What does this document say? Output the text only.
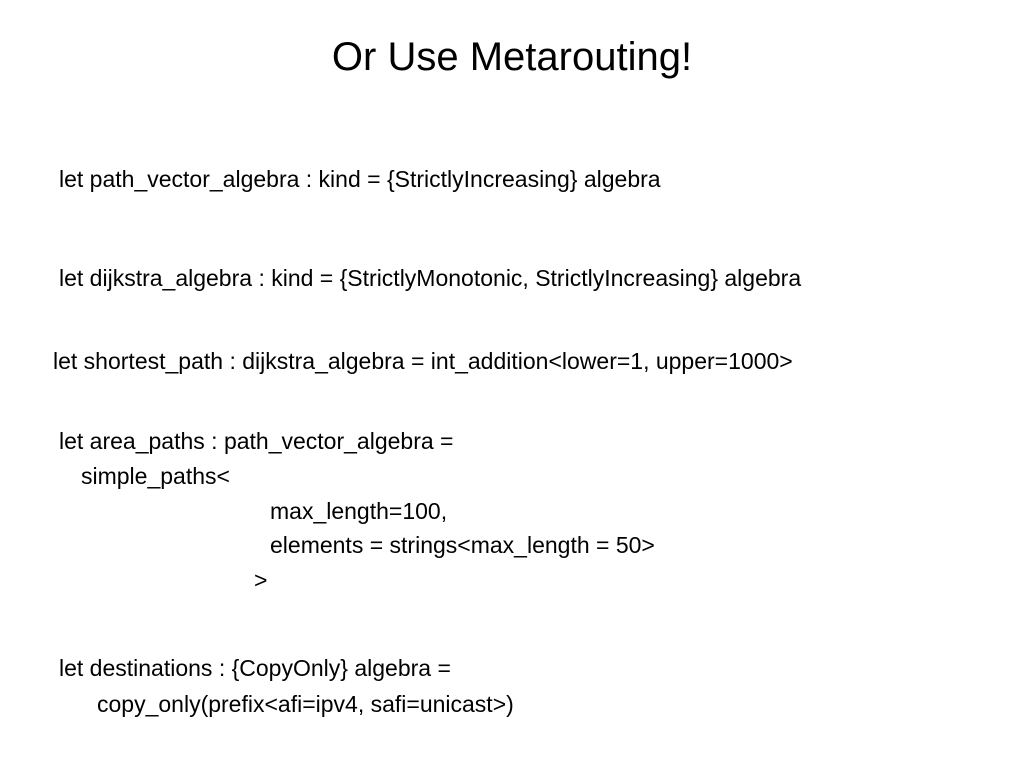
Or Use Metarouting!
let path_vector_algebra : kind = {StrictlyIncreasing} algebra
let dijkstra_algebra : kind = {StrictlyMonotonic, StrictlyIncreasing} algebra
let shortest_path : dijkstra_algebra = int_addition<lower=1, upper=1000>
let area_paths : path_vector_algebra =
simple_paths<
max_length=100,
elements = strings<max_length = 50>
>
let destinations : {CopyOnly} algebra =
copy_only(prefix<afi=ipv4, safi=unicast>)
